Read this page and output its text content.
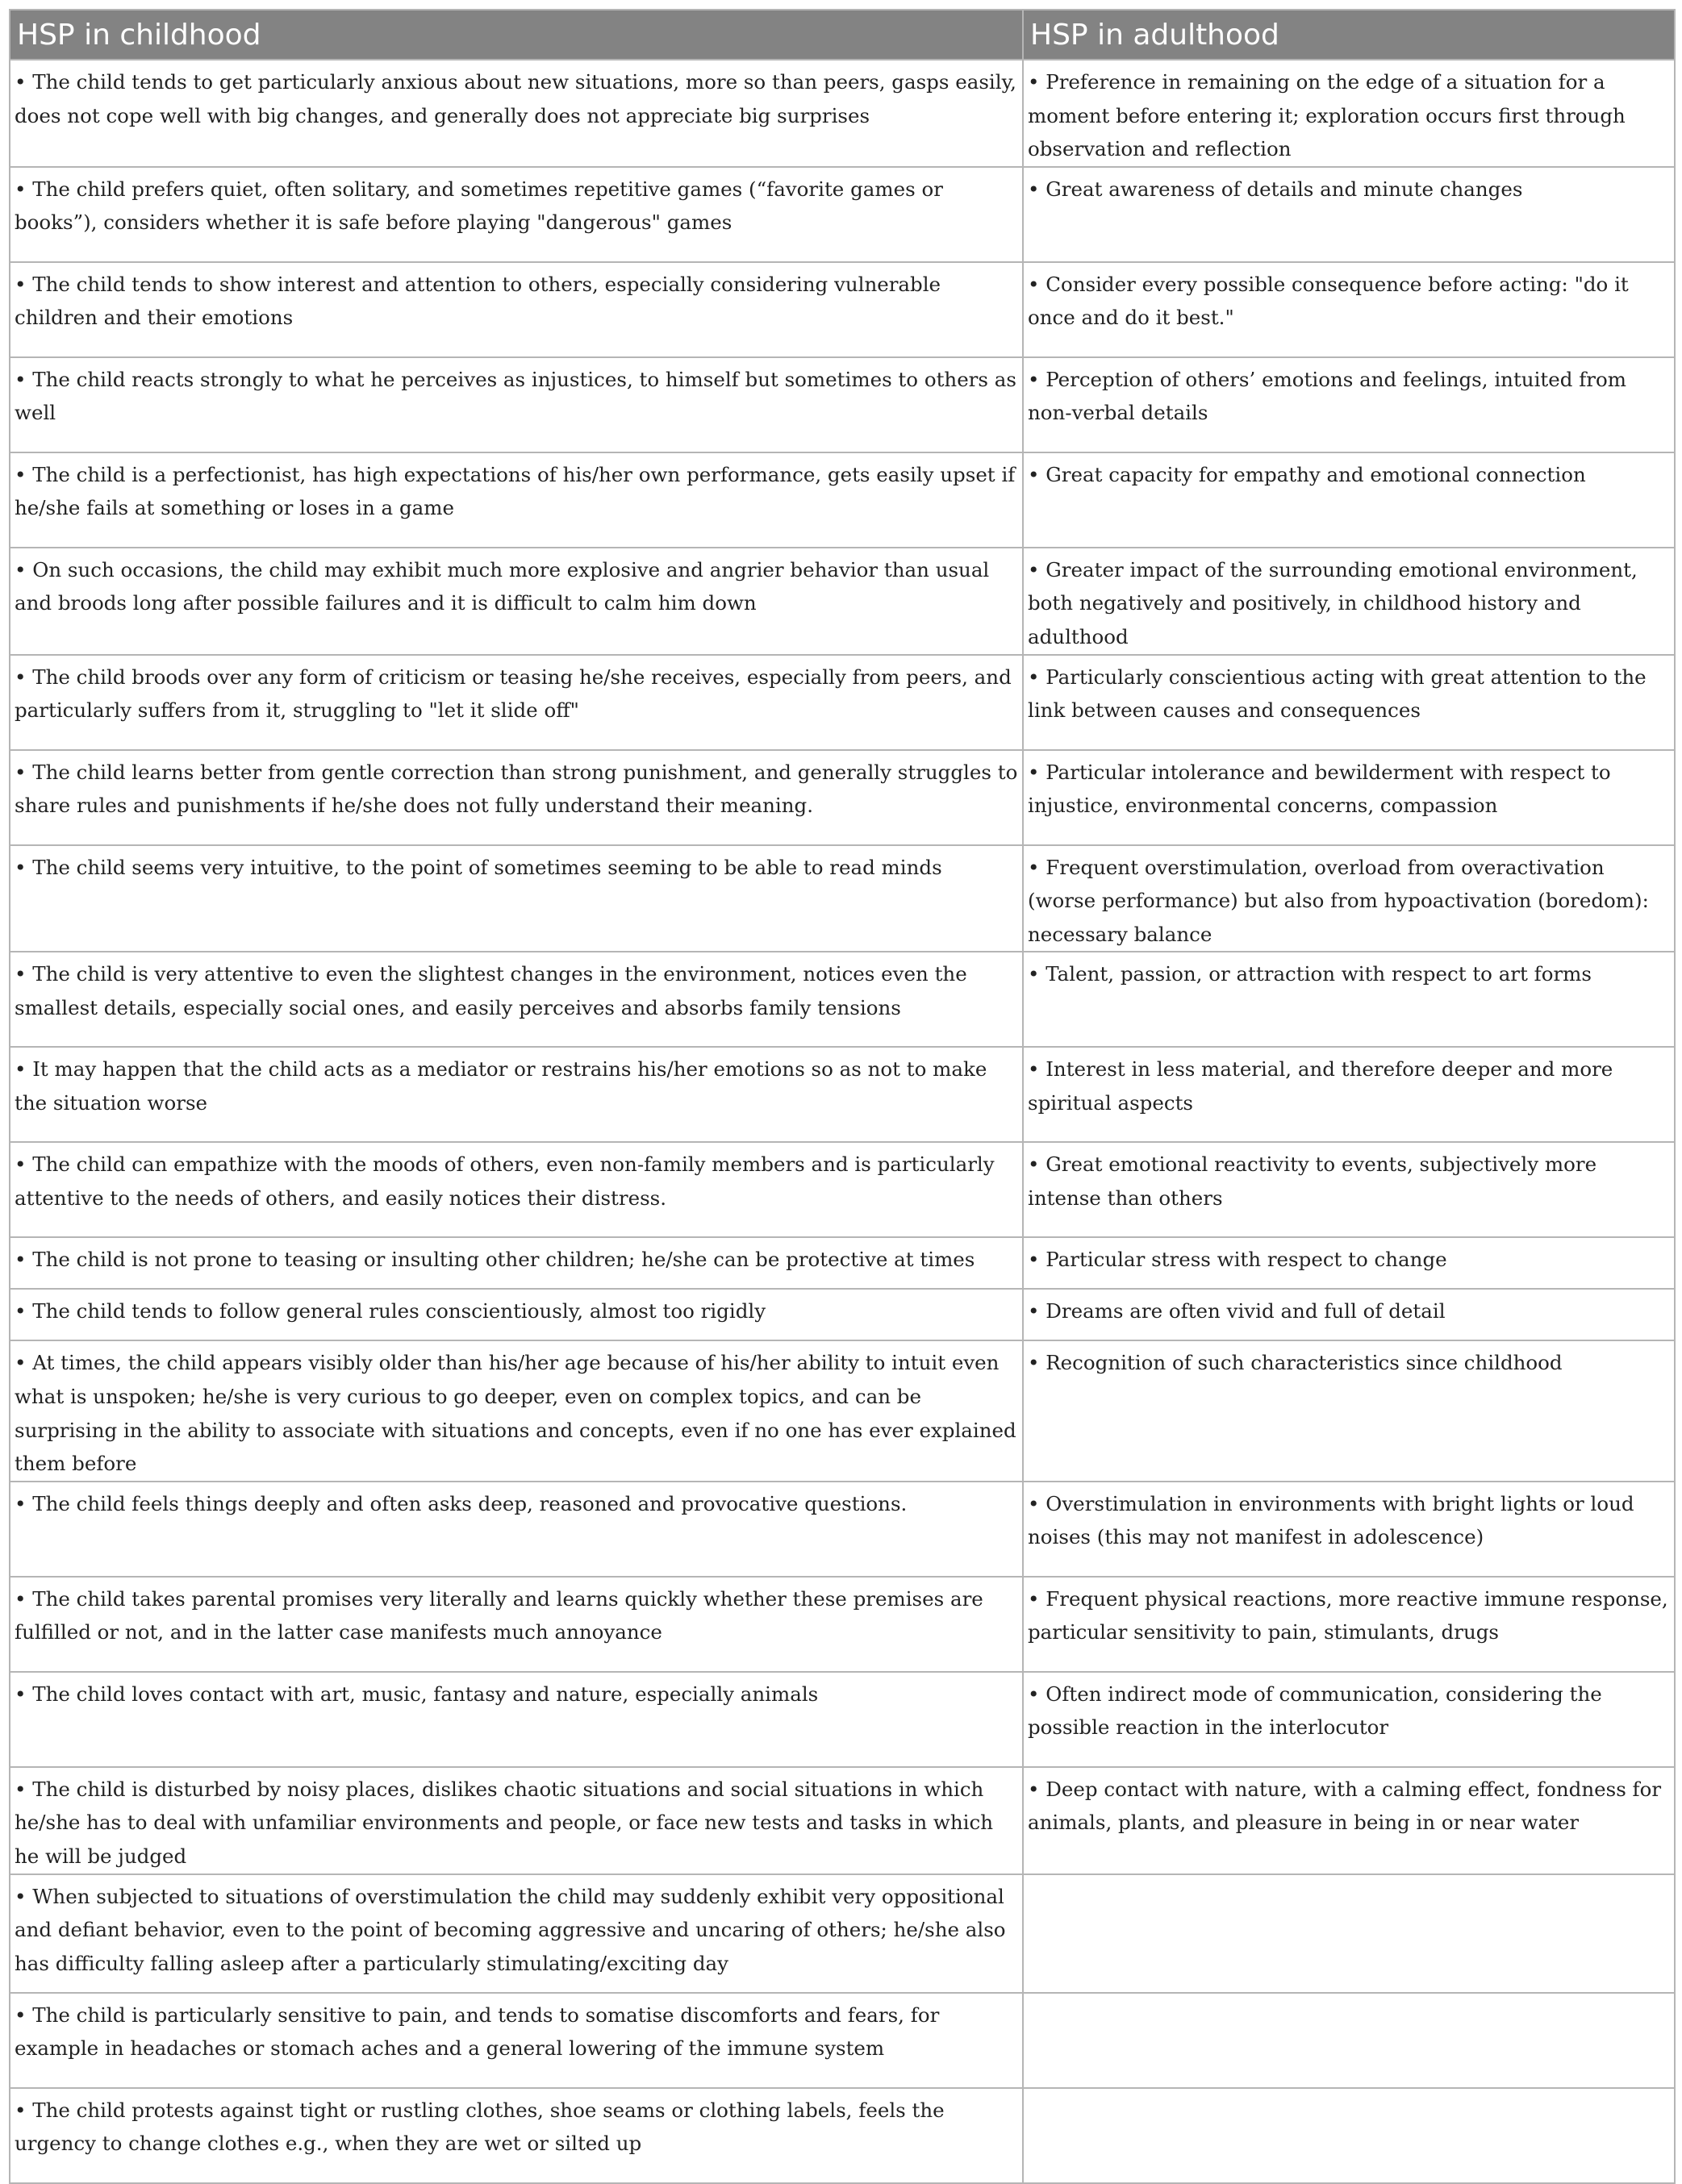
HSP in childhood	HSP in adulthood
• The child tends to get particularly anxious about new situations, more so than peers, gasps easily, does not cope well with big changes, and generally does not appreciate big surprises	• Preference in remaining on the edge of a situation for a moment before entering it; exploration occurs first through observation and reflection
• The child prefers quiet, often solitary, and sometimes repetitive games (“favorite games or books”), considers whether it is safe before playing "dangerous" games	• Great awareness of details and minute changes
• The child tends to show interest and attention to others, especially considering vulnerable children and their emotions	• Consider every possible consequence before acting: "do it once and do it best."
• The child reacts strongly to what he perceives as injustices, to himself but sometimes to others as well	• Perception of others’ emotions and feelings, intuited from non-verbal details
• The child is a perfectionist, has high expectations of his/her own performance, gets easily upset if he/she fails at something or loses in a game	• Great capacity for empathy and emotional connection
• On such occasions, the child may exhibit much more explosive and angrier behavior than usual and broods long after possible failures and it is difficult to calm him down	• Greater impact of the surrounding emotional environment, both negatively and positively, in childhood history and adulthood
• The child broods over any form of criticism or teasing he/she receives, especially from peers, and particularly suffers from it, struggling to "let it slide off"	• Particularly conscientious acting with great attention to the link between causes and consequences
• The child learns better from gentle correction than strong punishment, and generally struggles to share rules and punishments if he/she does not fully understand their meaning.	• Particular intolerance and bewilderment with respect to injustice, environmental concerns, compassion
• The child seems very intuitive, to the point of sometimes seeming to be able to read minds	• Frequent overstimulation, overload from overactivation (worse performance) but also from hypoactivation (boredom): necessary balance
• The child is very attentive to even the slightest changes in the environment, notices even the smallest details, especially social ones, and easily perceives and absorbs family tensions	• Talent, passion, or attraction with respect to art forms
• It may happen that the child acts as a mediator or restrains his/her emotions so as not to make the situation worse	• Interest in less material, and therefore deeper and more spiritual aspects
• The child can empathize with the moods of others, even non-family members and is particularly attentive to the needs of others, and easily notices their distress.	• Great emotional reactivity to events, subjectively more intense than others
• The child is not prone to teasing or insulting other children; he/she can be protective at times	• Particular stress with respect to change
• The child tends to follow general rules conscientiously, almost too rigidly	• Dreams are often vivid and full of detail
• At times, the child appears visibly older than his/her age because of his/her ability to intuit even what is unspoken; he/she is very curious to go deeper, even on complex topics, and can be surprising in the ability to associate with situations and concepts, even if no one has ever explained them before	• Recognition of such characteristics since childhood
• The child feels things deeply and often asks deep, reasoned and provocative questions.	• Overstimulation in environments with bright lights or loud noises (this may not manifest in adolescence)
• The child takes parental promises very literally and learns quickly whether these premises are fulfilled or not, and in the latter case manifests much annoyance	• Frequent physical reactions, more reactive immune response, particular sensitivity to pain, stimulants, drugs
• The child loves contact with art, music, fantasy and nature, especially animals	• Often indirect mode of communication, considering the possible reaction in the interlocutor
• The child is disturbed by noisy places, dislikes chaotic situations and social situations in which he/she has to deal with unfamiliar environments and people, or face new tests and tasks in which he will be judged	• Deep contact with nature, with a calming effect, fondness for animals, plants, and pleasure in being in or near water
• When subjected to situations of overstimulation the child may suddenly exhibit very oppositional and defiant behavior, even to the point of becoming aggressive and uncaring of others; he/she also has difficulty falling asleep after a particularly stimulating/exciting day	
• The child is particularly sensitive to pain, and tends to somatise discomforts and fears, for example in headaches or stomach aches and a general lowering of the immune system	
• The child protests against tight or rustling clothes, shoe seams or clothing labels, feels the urgency to change clothes e.g., when they are wet or silted up	
